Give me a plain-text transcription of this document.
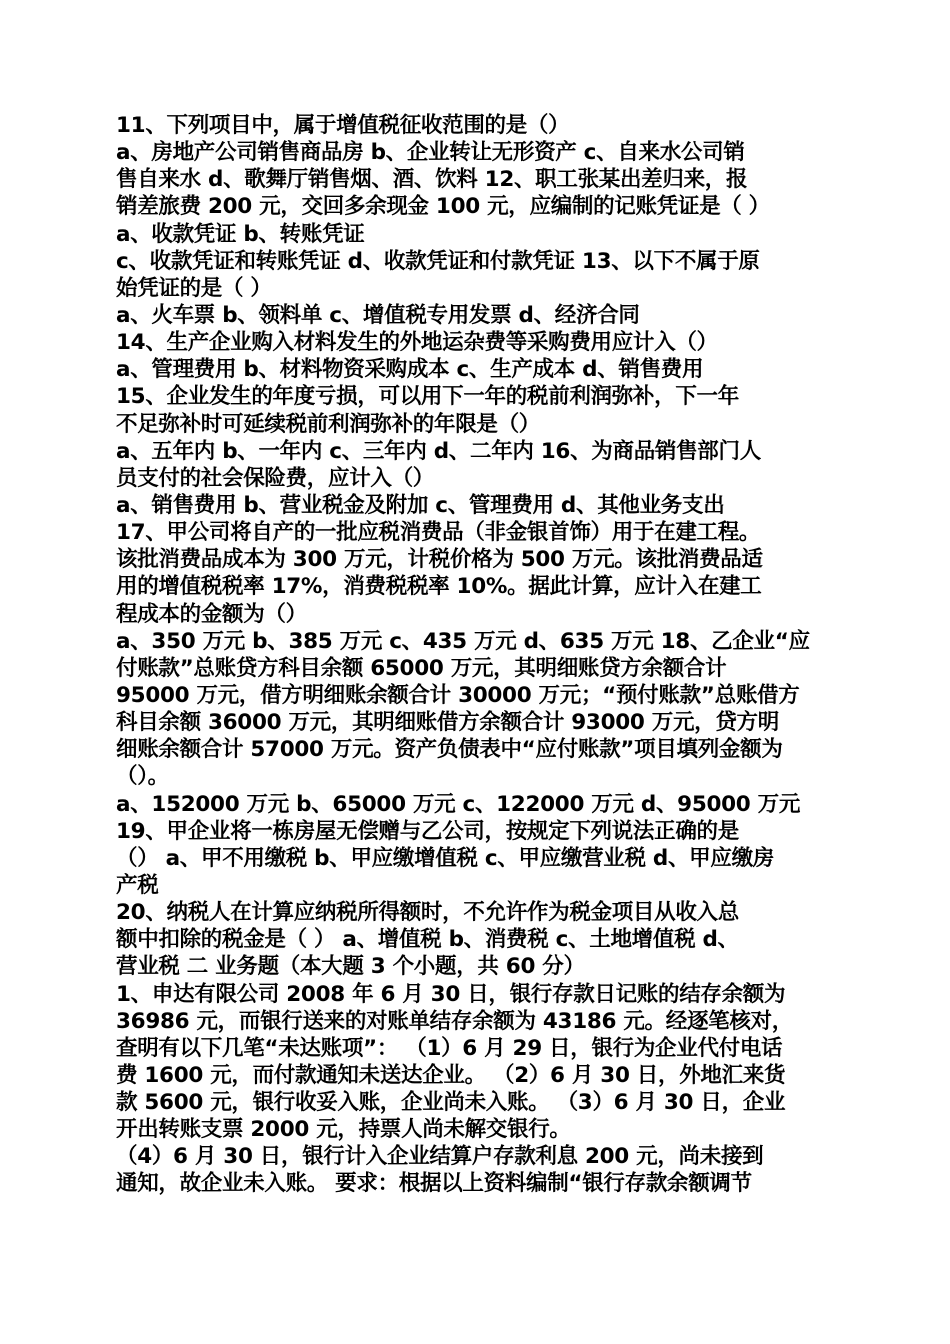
11、下列项目中，属于增值税征收范围的是（）
a、房地产公司销售商品房 b、企业转让无形资产 c、自来水公司销
售自来水 d、歌舞厅销售烟、酒、饮料 12、职工张某出差归来，报
销差旅费 200 元，交回多余现金 100 元，应编制的记账凭证是（ ）
a、收款凭证 b、转账凭证
c、收款凭证和转账凭证 d、收款凭证和付款凭证 13、以下不属于原
始凭证的是（ ）
a、火车票 b、领料单 c、增值税专用发票 d、经济合同
14、生产企业购入材料发生的外地运杂费等采购费用应计入（）
a、管理费用 b、材料物资采购成本 c、生产成本 d、销售费用
15、企业发生的年度亏损，可以用下一年的税前利润弥补，下一年
不足弥补时可延续税前利润弥补的年限是（）
a、五年内 b、一年内 c、三年内 d、二年内 16、为商品销售部门人
员支付的社会保险费，应计入（）
a、销售费用 b、营业税金及附加 c、管理费用 d、其他业务支出
17、甲公司将自产的一批应税消费品（非金银首饰）用于在建工程。
该批消费品成本为 300 万元，计税价格为 500 万元。该批消费品适
用的增值税税率 17%，消费税税率 10%。据此计算，应计入在建工
程成本的金额为（）
a、350 万元 b、385 万元 c、435 万元 d、635 万元 18、乙企业“应
付账款”总账贷方科目余额 65000 万元，其明细账贷方余额合计
95000 万元，借方明细账余额合计 30000 万元；“预付账款”总账借方
科目余额 36000 万元，其明细账借方余额合计 93000 万元，贷方明
细账余额合计 57000 万元。资产负债表中“应付账款”项目填列金额为
（）。
a、152000 万元 b、65000 万元 c、122000 万元 d、95000 万元
19、甲企业将一栋房屋无偿赠与乙公司，按规定下列说法正确的是
（） a、甲不用缴税 b、甲应缴增值税 c、甲应缴营业税 d、甲应缴房
产税
20、纳税人在计算应纳税所得额时，不允许作为税金项目从收入总
额中扣除的税金是（ ） a、增值税 b、消费税 c、土地增值税 d、
营业税 二 业务题（本大题 3 个小题，共 60 分）
1、申达有限公司 2008 年 6 月 30 日，银行存款日记账的结存余额为
36986 元，而银行送来的对账单结存余额为 43186 元。经逐笔核对，
查明有以下几笔“未达账项”： （1）6 月 29 日，银行为企业代付电话
费 1600 元，而付款通知未送达企业。 （2）6 月 30 日，外地汇来货
款 5600 元，银行收妥入账，企业尚未入账。 （3）6 月 30 日，企业
开出转账支票 2000 元，持票人尚未解交银行。
（4）6 月 30 日，银行计入企业结算户存款利息 200 元，尚未接到
通知，故企业未入账。 要求：根据以上资料编制“银行存款余额调节
